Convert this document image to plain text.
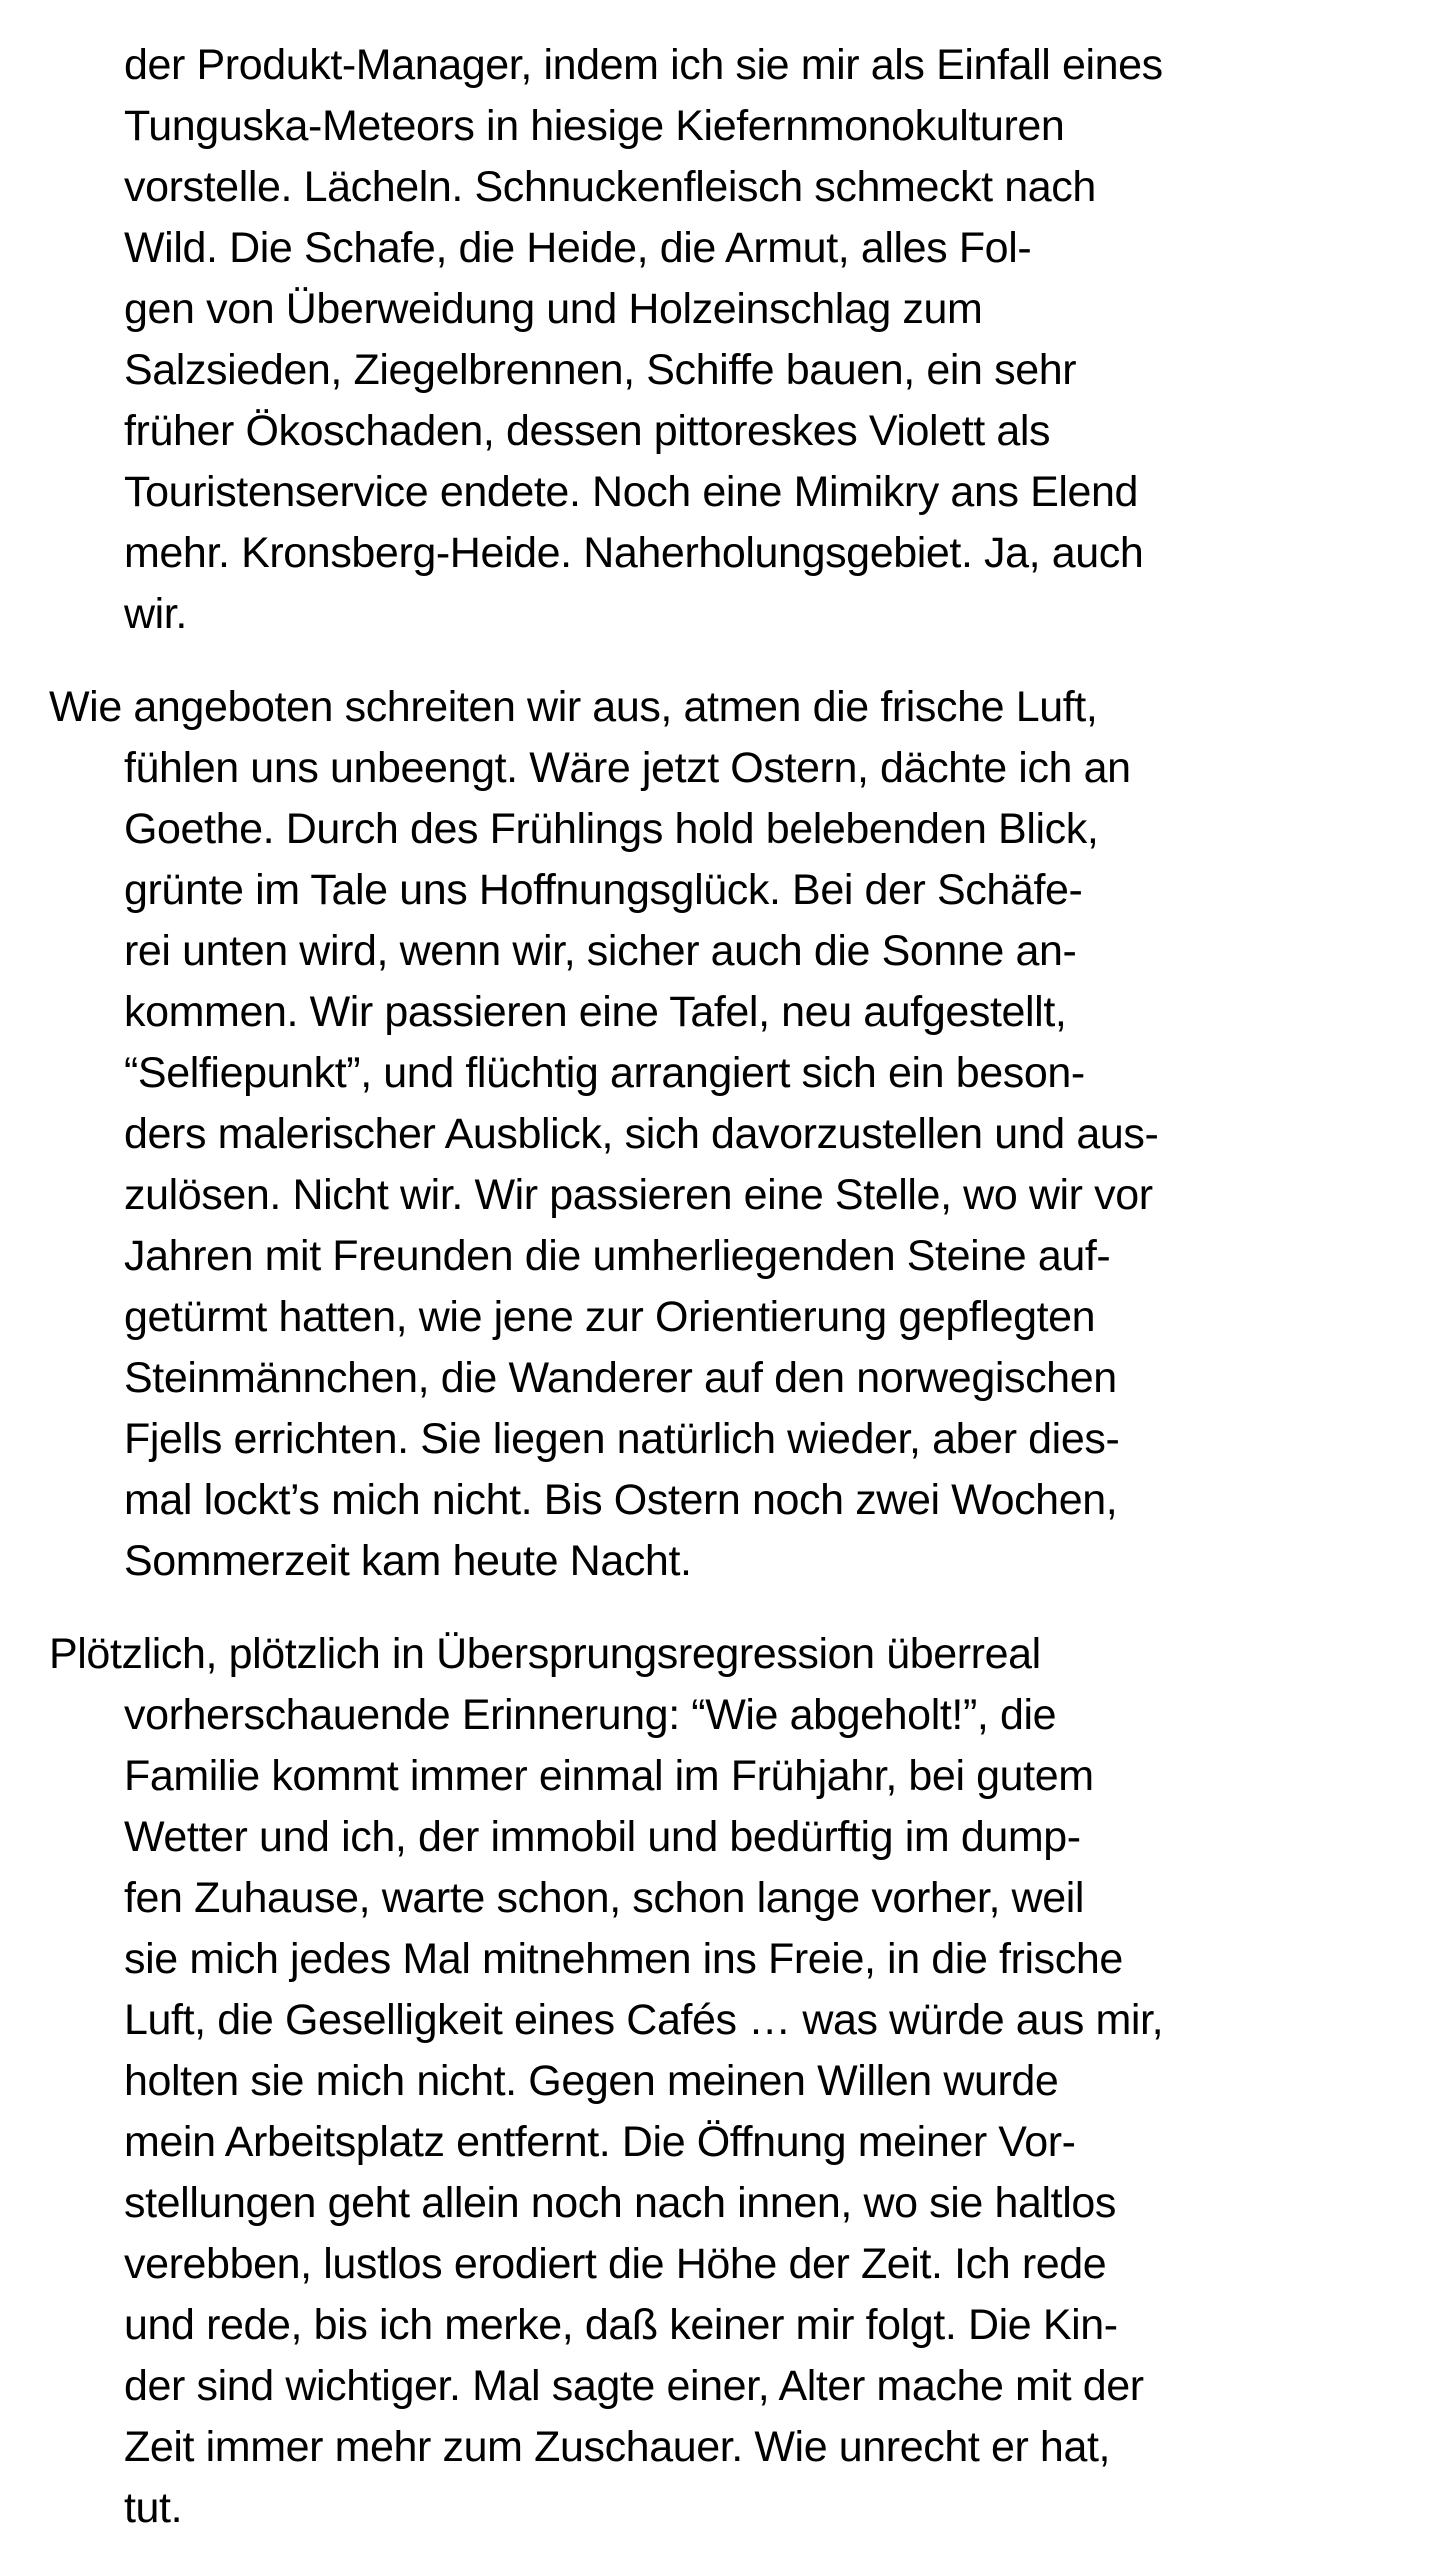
der Produkt-Manager, indem ich sie mir als Einfall eines
Tunguska-Meteors in hiesige Kiefernmonokulturen
vorstelle. Lächeln. Schnuckenfleisch schmeckt nach
Wild. Die Schafe, die Heide, die Armut, alles Fol-
gen von Überweidung und Holzeinschlag zum
Salzsieden, Ziegelbrennen, Schiffe bauen, ein sehr
früher Ökoschaden, dessen pittoreskes Violett als
Touristenservice endete. Noch eine Mimikry ans Elend
mehr. Kronsberg-Heide. Naherholungsgebiet. Ja, auch
wir.
Wie angeboten schreiten wir aus, atmen die frische Luft,
fühlen uns unbeengt. Wäre jetzt Ostern, dächte ich an
Goethe. Durch des Frühlings hold belebenden Blick,
grünte im Tale uns Hoffnungsglück. Bei der Schäfe-
rei unten wird, wenn wir, sicher auch die Sonne an-
kommen. Wir passieren eine Tafel, neu aufgestellt,
“Selfiepunkt”, und flüchtig arrangiert sich ein beson-
ders malerischer Ausblick, sich davorzustellen und aus-
zulösen. Nicht wir. Wir passieren eine Stelle, wo wir vor
Jahren mit Freunden die umherliegenden Steine auf-
getürmt hatten, wie jene zur Orientierung gepflegten
Steinmännchen, die Wanderer auf den norwegischen
Fjells errichten. Sie liegen natürlich wieder, aber dies-
mal lockt’s mich nicht. Bis Ostern noch zwei Wochen,
Sommerzeit kam heute Nacht.
Plötzlich, plötzlich in Übersprungsregression überreal
vorherschauende Erinnerung: “Wie abgeholt!”, die
Familie kommt immer einmal im Frühjahr, bei gutem
Wetter und ich, der immobil und bedürftig im dump-
fen Zuhause, warte schon, schon lange vorher, weil
sie mich jedes Mal mitnehmen ins Freie, in die frische
Luft, die Geselligkeit eines Cafés … was würde aus mir,
holten sie mich nicht. Gegen meinen Willen wurde
mein Arbeitsplatz entfernt. Die Öffnung meiner Vor-
stellungen geht allein noch nach innen, wo sie haltlos
verebben, lustlos erodiert die Höhe der Zeit. Ich rede
und rede, bis ich merke, daß keiner mir folgt. Die Kin-
der sind wichtiger. Mal sagte einer, Alter mache mit der
Zeit immer mehr zum Zuschauer. Wie unrecht er hat,
tut.
